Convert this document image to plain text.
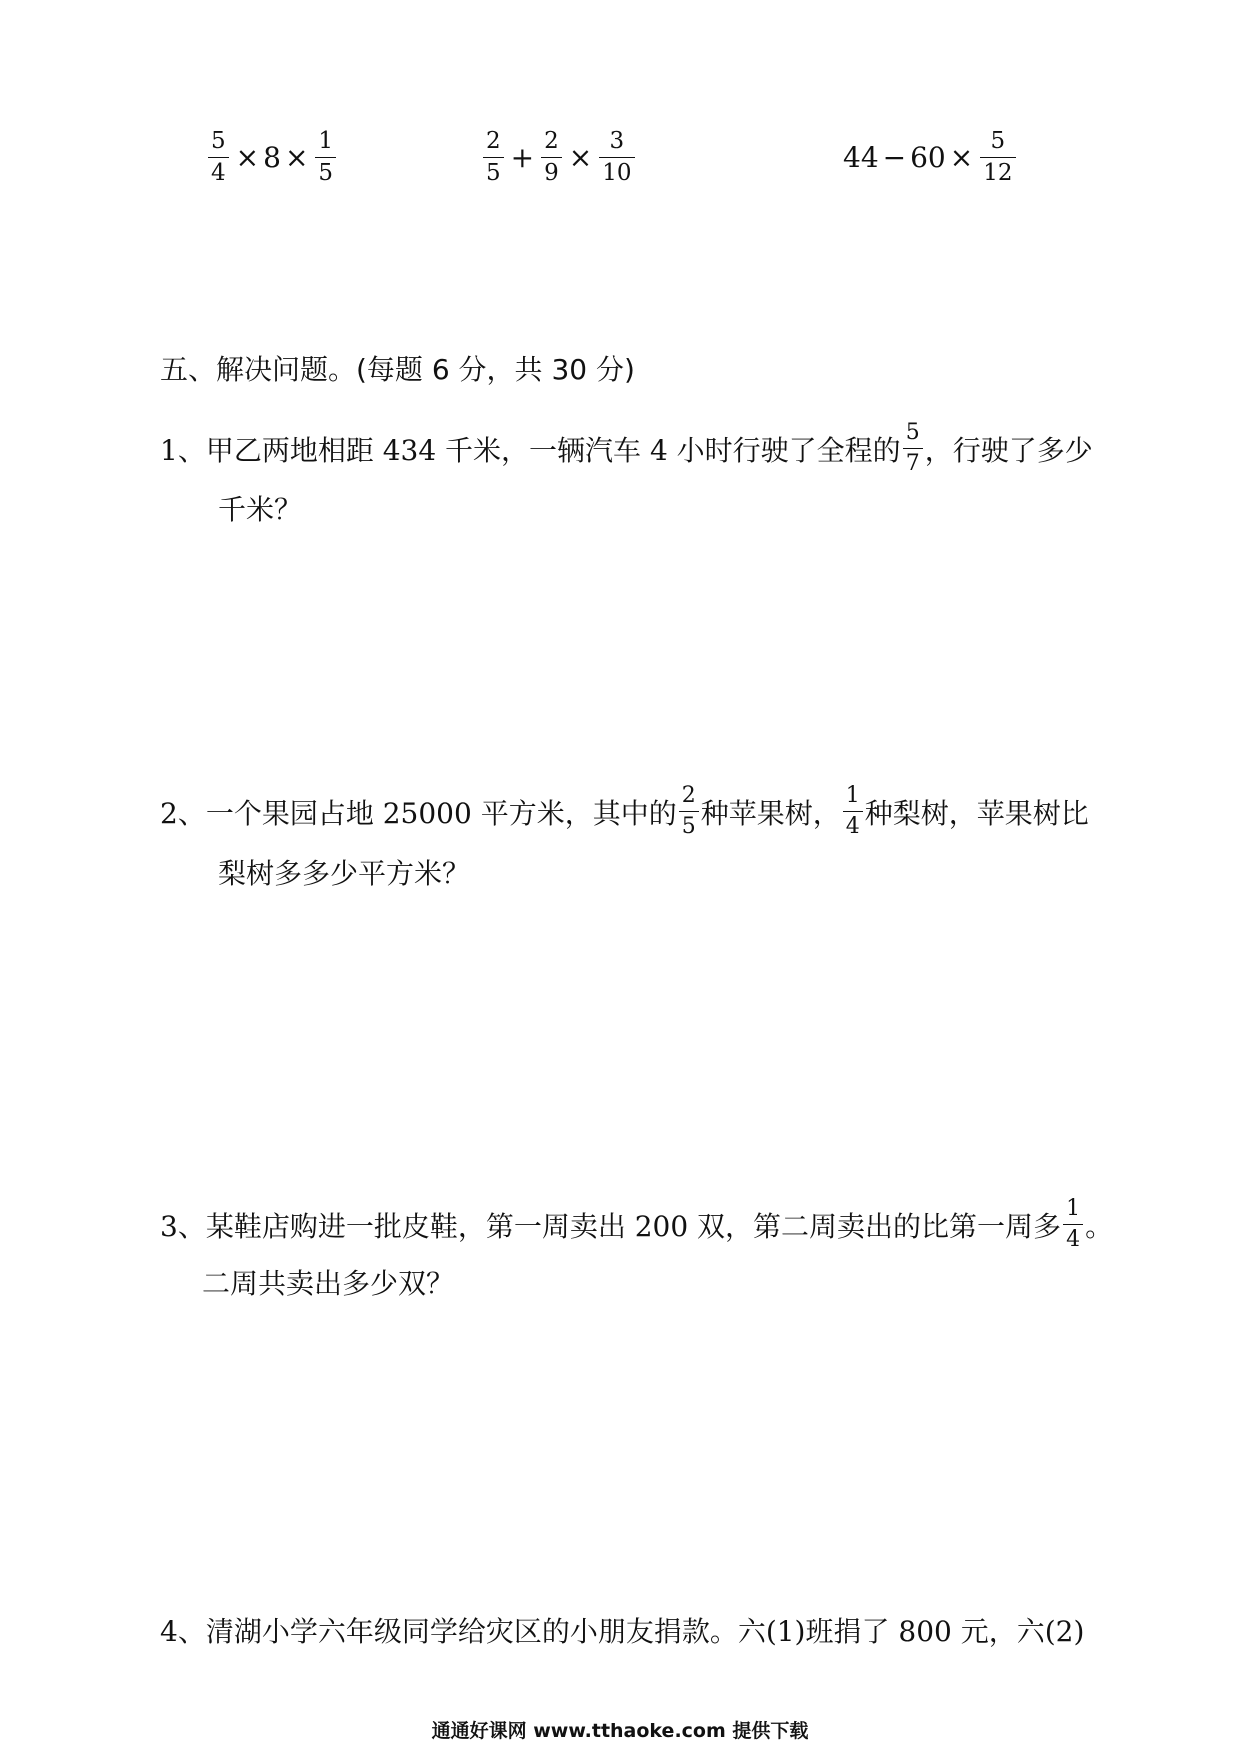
$\frac{5}{4} \times 8 \times \frac{1}{5}$	$\frac{2}{5} + \frac{2}{9} \times \frac{3}{10}$	$44 - 60 \times \frac{5}{12}$
五、解决问题。(每题 6 分，共 30 分)
1、甲乙两地相距 434 千米，一辆汽车 4 小时行驶了全程的 $\frac{5}{7}$ ，行驶了多少
千米？
2、一个果园占地 25000 平方米，其中的 $\frac{2}{5}$ 种苹果树， $\frac{1}{4}$ 种梨树，苹果树比
梨树多多少平方米？
3、某鞋店购进一批皮鞋，第一周卖出 200 双，第二周卖出的比第一周多 $\frac{1}{4}$ 。
二周共卖出多少双？
4、清湖小学六年级同学给灾区的小朋友捐款。六(1)班捐了 800 元，六(2)
通通好课网 www.tthaoke.com 提供下载
